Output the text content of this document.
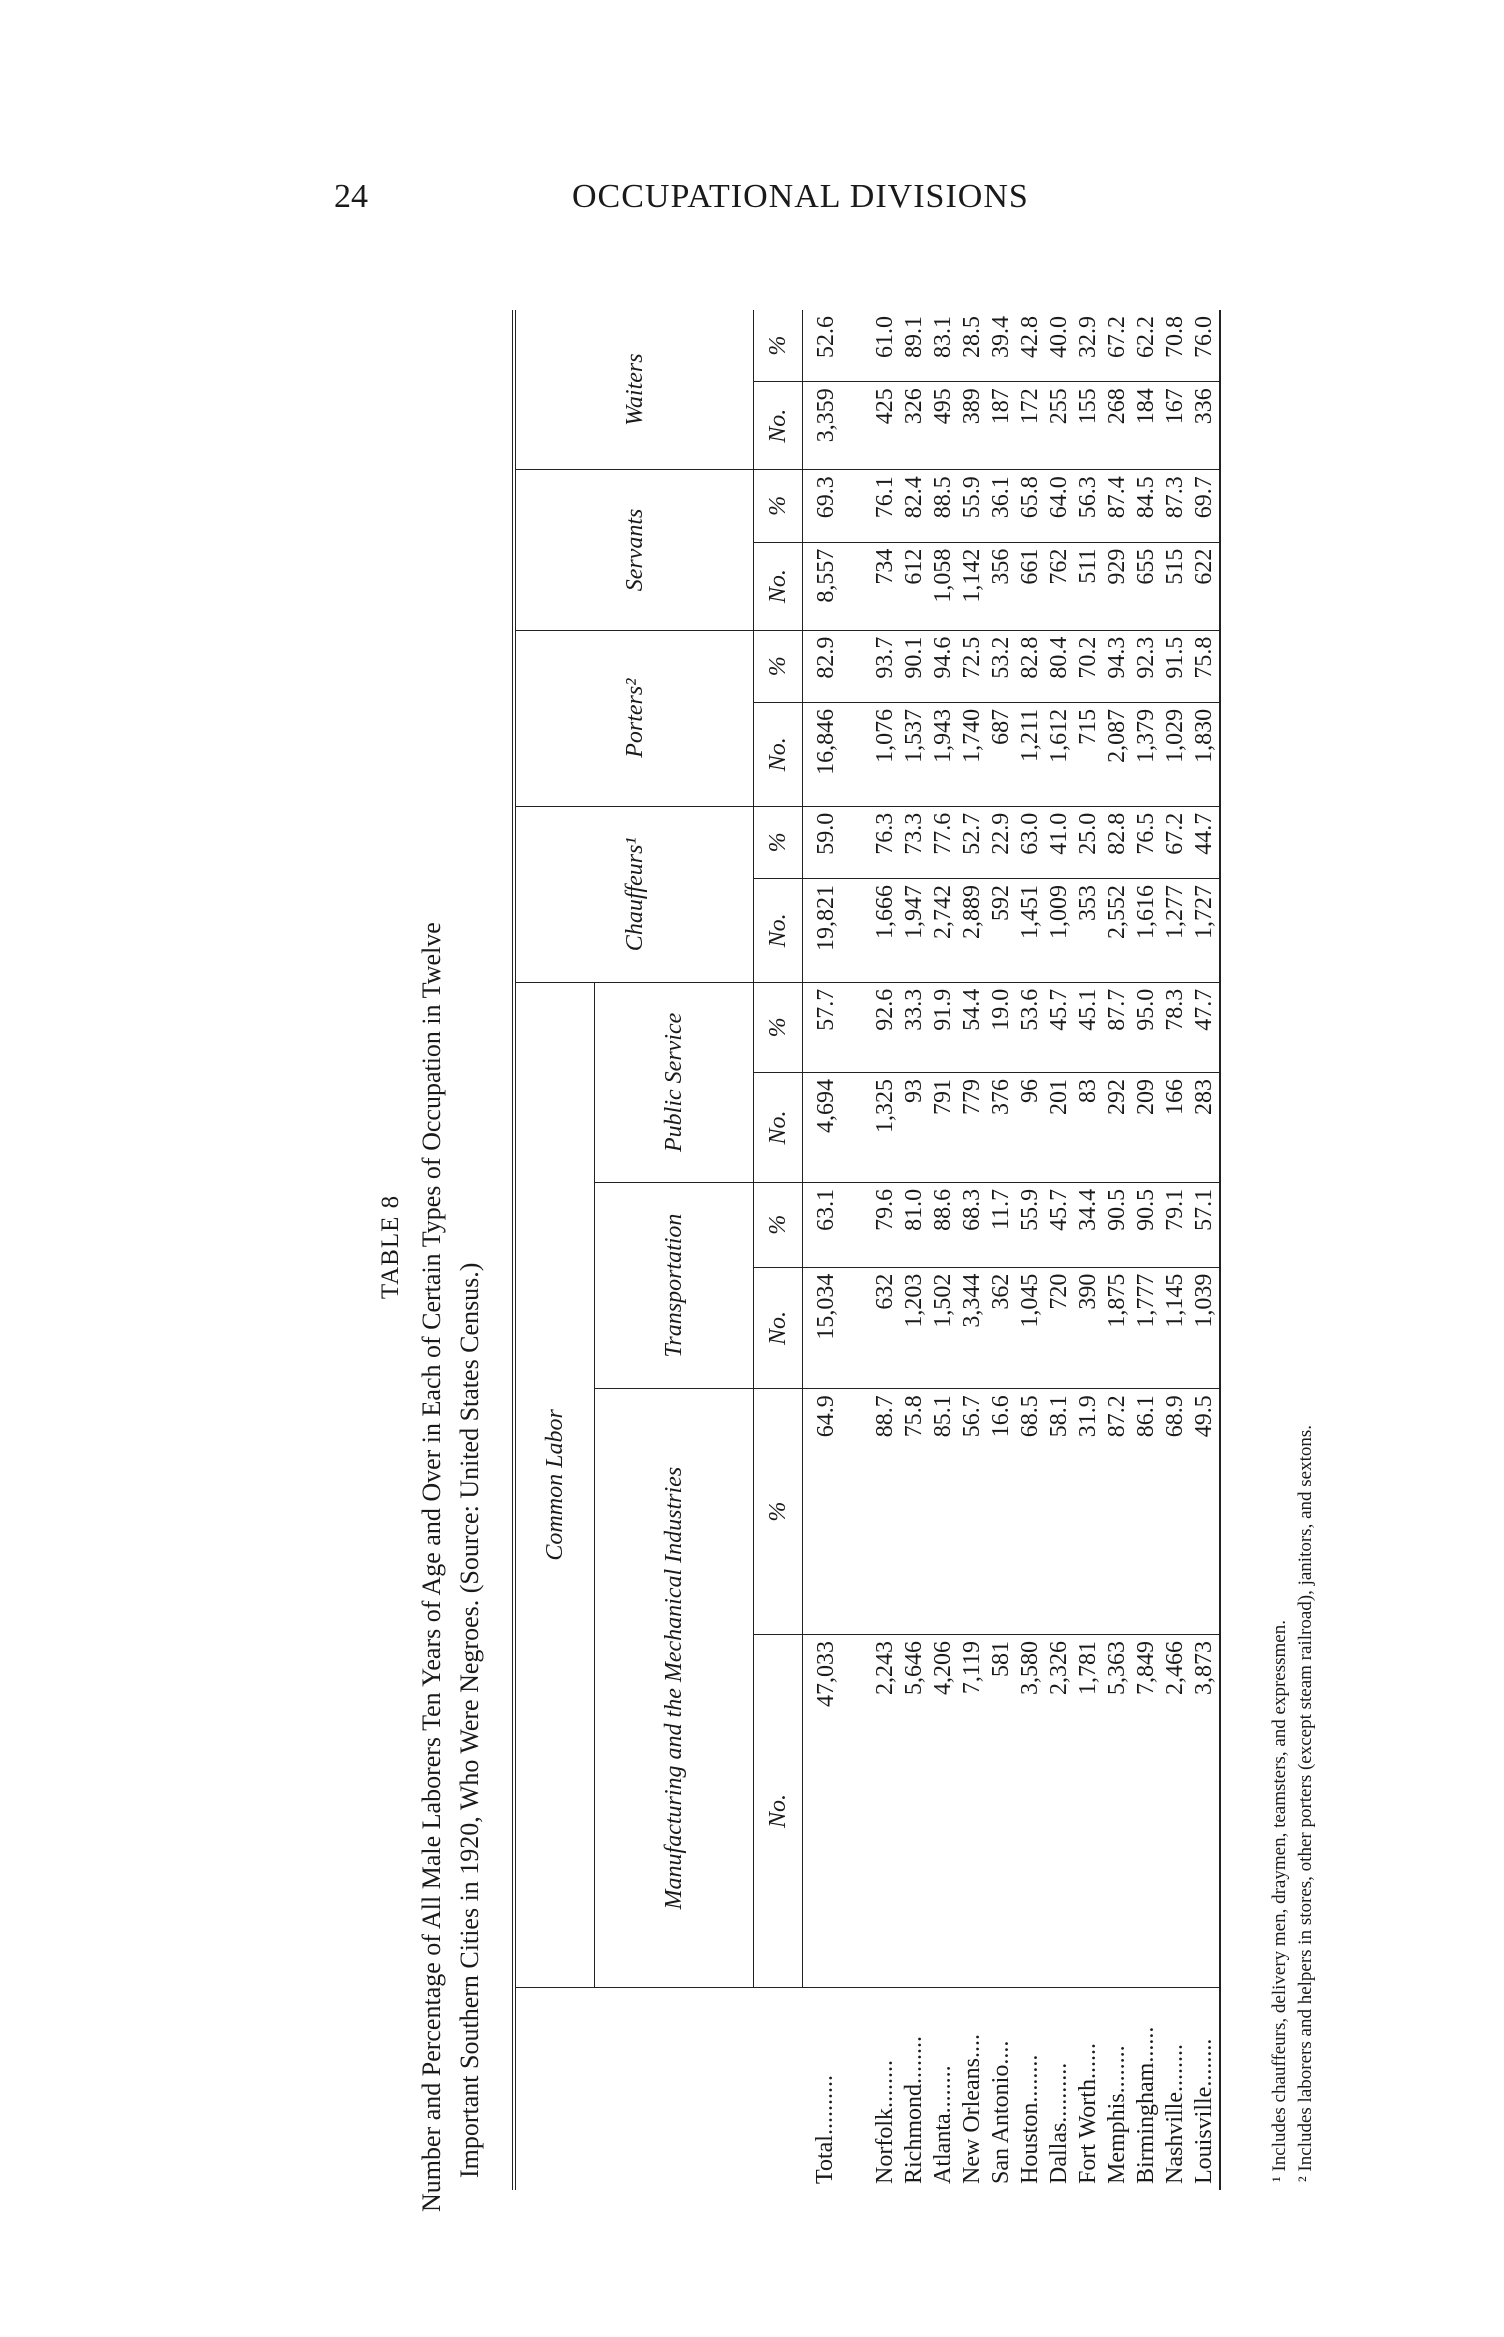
24	OCCUPATIONAL DIVISIONS
TABLE 8 Number and Percentage of All Male Laborers Ten Years of Age and Over in Each of Certain Types of Occupation in Twelve Important Southern Cities in 1920, Who Were Negroes. (Source: United States Census.)
	Common Labor						Chauffeurs¹		Porters²		Servants		Waiters	
	Manufacturing and the Mechanical Industries		Transportation		Public Service									
	No.	%	No.	%	No.	%	No.	%	No.	%	No.	%	No.	%
Total..........	47,033	64.9	15,034	63.1	4,694	57.7	19,821	59.0	16,846	82.9	8,557	69.3	3,359	52.6

Norfolk........	2,243	88.7	632	79.6	1,325	92.6	1,666	76.3	1,076	93.7	734	76.1	425	61.0
Richmond........	5,646	75.8	1,203	81.0	93	33.3	1,947	73.3	1,537	90.1	612	82.4	326	89.1
Atlanta........	4,206	85.1	1,502	88.6	791	91.9	2,742	77.6	1,943	94.6	1,058	88.5	495	83.1
New Orleans....	7,119	56.7	3,344	68.3	779	54.4	2,889	52.7	1,740	72.5	1,142	55.9	389	28.5
San Antonio....	581	16.6	362	11.7	376	19.0	592	22.9	687	53.2	356	36.1	187	39.4
Houston........	3,580	68.5	1,045	55.9	96	53.6	1,451	63.0	1,211	82.8	661	65.8	172	42.8
Dallas..........	2,326	58.1	720	45.7	201	45.7	1,009	41.0	1,612	80.4	762	64.0	255	40.0
Fort Worth......	1,781	31.9	390	34.4	83	45.1	353	25.0	715	70.2	511	56.3	155	32.9
Memphis........	5,363	87.2	1,875	90.5	292	87.7	2,552	82.8	2,087	94.3	929	87.4	268	67.2
Birmingham......	7,849	86.1	1,777	90.5	209	95.0	1,616	76.5	1,379	92.3	655	84.5	184	62.2
Nashville........	2,466	68.9	1,145	79.1	166	78.3	1,277	67.2	1,029	91.5	515	87.3	167	70.8
Louisville........	3,873	49.5	1,039	57.1	283	47.7	1,727	44.7	1,830	75.8	622	69.7	336	76.0
¹ Includes chauffeurs, delivery men, draymen, teamsters, and expressmen. ² Includes laborers and helpers in stores, other porters (except steam railroad), janitors, and sextons.
